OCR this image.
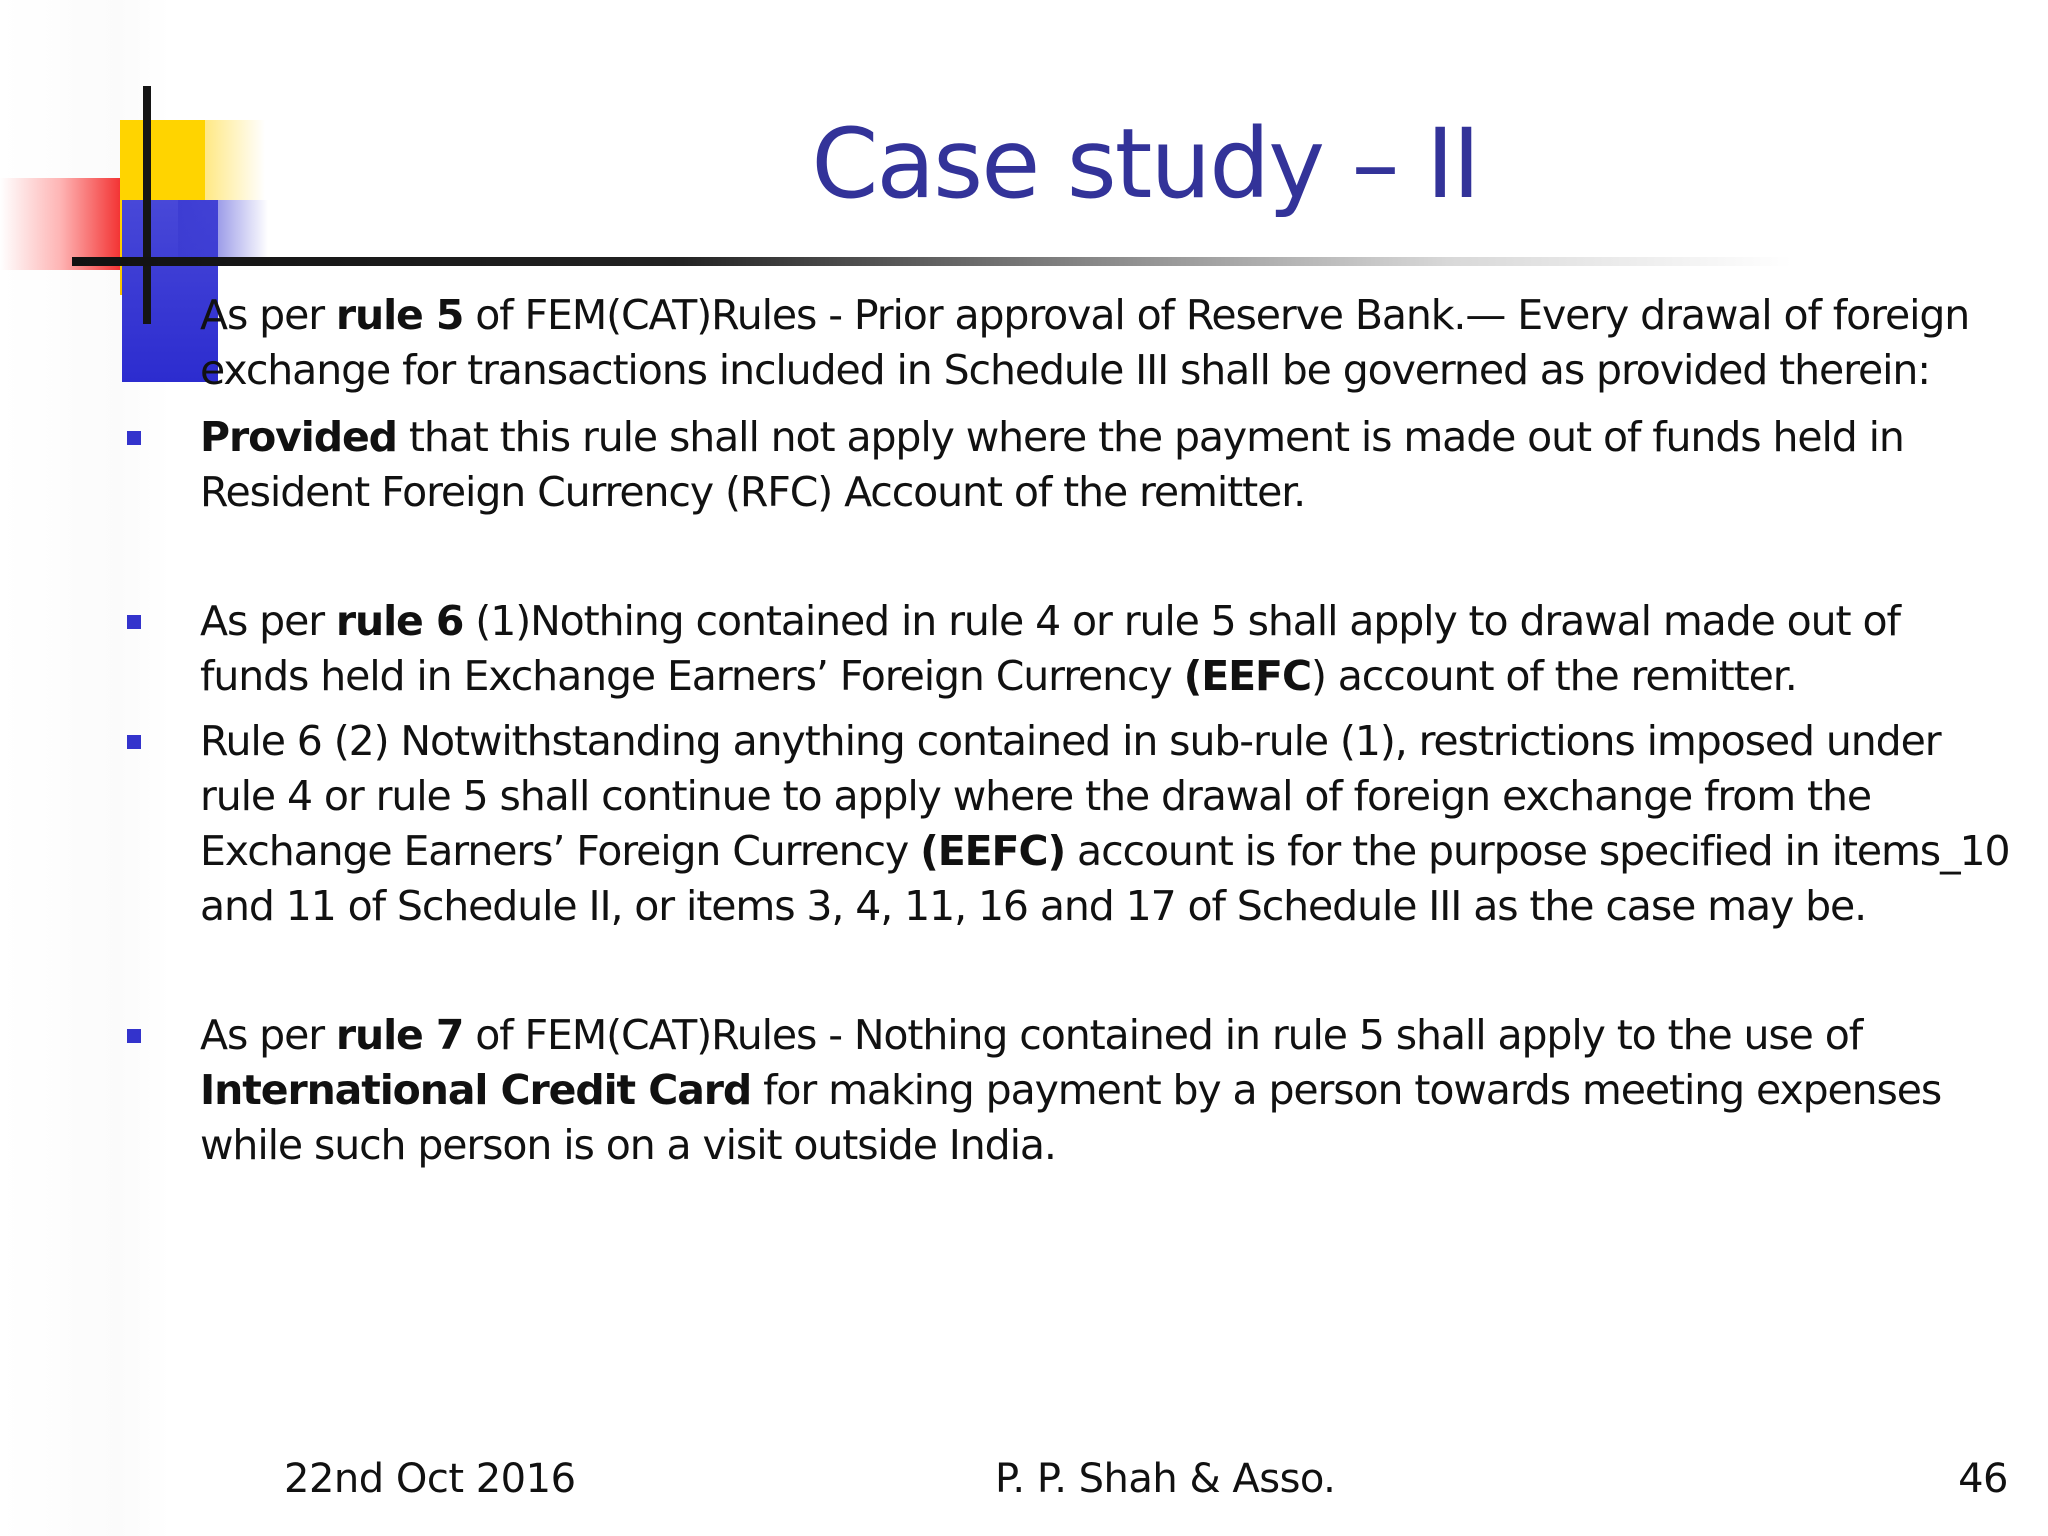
Case study – II
As per rule 5 of FEM(CAT)Rules - Prior approval of Reserve Bank.— Every drawal of foreign exchange for transactions included in Schedule III shall be governed as provided therein:
Provided that this rule shall not apply where the payment is made out of funds held in Resident Foreign Currency (RFC) Account of the remitter.
As per rule 6 (1)Nothing contained in rule 4 or rule 5 shall apply to drawal made out of funds held in Exchange Earners’ Foreign Currency (EEFC) account of the remitter.
Rule 6 (2) Notwithstanding anything contained in sub-rule (1), restrictions imposed under rule 4 or rule 5 shall continue to apply where the drawal of foreign exchange from the Exchange Earners’ Foreign Currency (EEFC) account is for the purpose specified in items_10 and 11 of Schedule II, or items 3, 4, 11, 16 and 17 of Schedule III as the case may be.
As per rule 7 of FEM(CAT)Rules - Nothing contained in rule 5 shall apply to the use of International Credit Card for making payment by a person towards meeting expenses while such person is on a visit outside India.
22nd Oct 2016	P. P. Shah & Asso.	46
